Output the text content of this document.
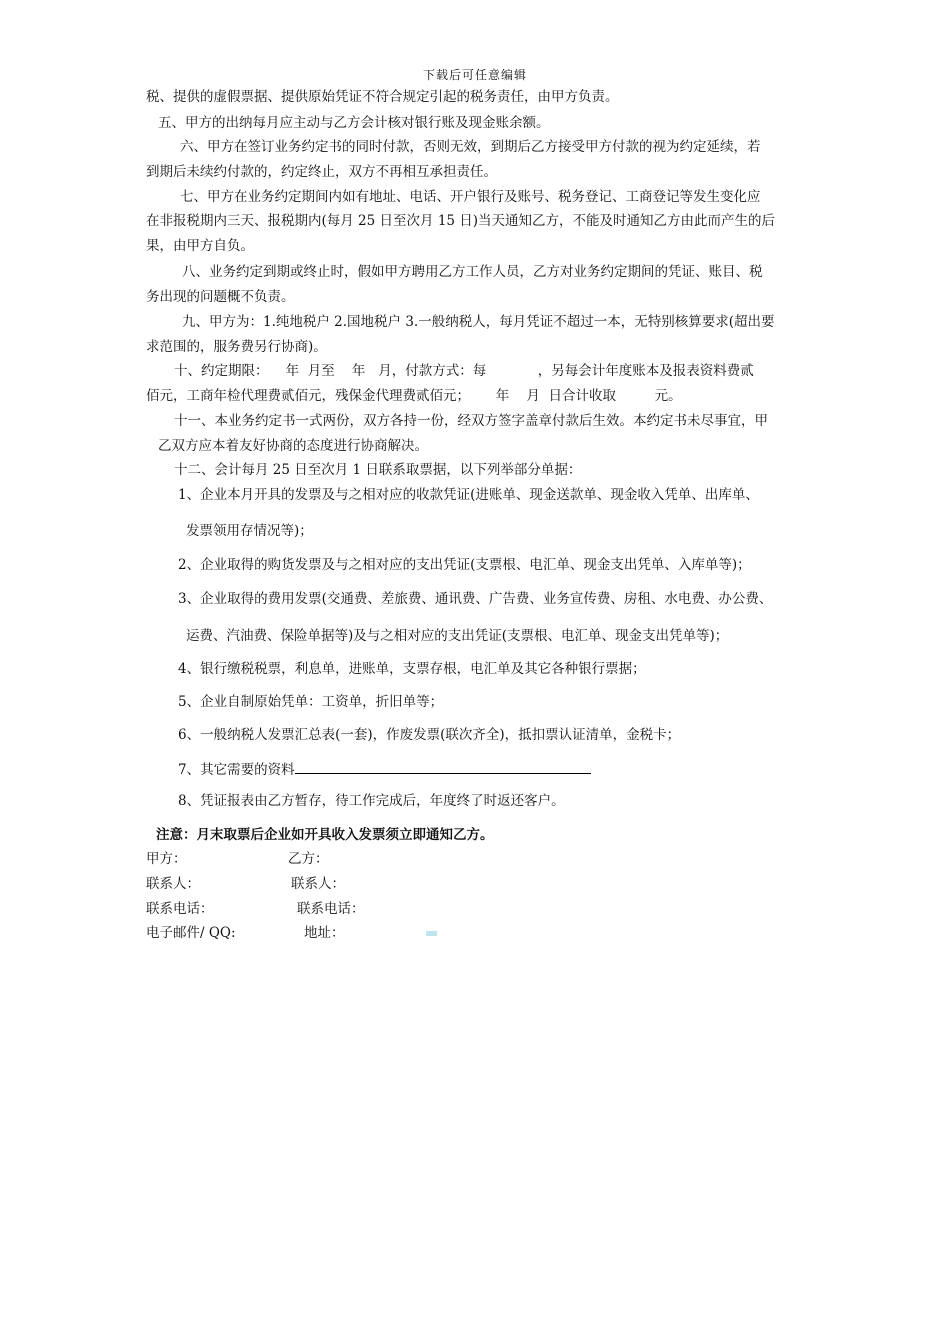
下载后可任意编辑
税、提供的虚假票据、提供原始凭证不符合规定引起的税务责任，由甲方负责。
五、甲方的出纳每月应主动与乙方会计核对银行账及现金账余额。
六、甲方在签订业务约定书的同时付款，否则无效，到期后乙方接受甲方付款的视为约定延续，若
到期后未续约付款的，约定终止，双方不再相互承担责任。
七、甲方在业务约定期间内如有地址、电话、开户银行及账号、税务登记、工商登记等发生变化应
在非报税期内三天、报税期内(每月 25 日至次月 15 日)当天通知乙方，不能及时通知乙方由此而产生的后
果，由甲方自负。
八、业务约定到期或终止时，假如甲方聘用乙方工作人员，乙方对业务约定期间的凭证、账目、税
务出现的问题概不负责。
九、甲方为：1.纯地税户 2.国地税户 3.一般纳税人，每月凭证不超过一本，无特别核算要求(超出要
求范围的，服务费另行协商)。
十、约定期限：    年  月至    年   月，付款方式：每            ，另每会计年度账本及报表资料费贰
佰元，工商年检代理费贰佰元，残保金代理费贰佰元；      年    月  日合计收取         元。
十一、本业务约定书一式两份，双方各持一份，经双方签字盖章付款后生效。本约定书未尽事宜，甲
乙双方应本着友好协商的态度进行协商解决。
十二、会计每月 25 日至次月 1 日联系取票据，以下列举部分单据：
1、企业本月开具的发票及与之相对应的收款凭证(进账单、现金送款单、现金收入凭单、出库单、
发票领用存情况等)；
2、企业取得的购货发票及与之相对应的支出凭证(支票根、电汇单、现金支出凭单、入库单等)；
3、企业取得的费用发票(交通费、差旅费、通讯费、广告费、业务宣传费、房租、水电费、办公费、
运费、汽油费、保险单据等)及与之相对应的支出凭证(支票根、电汇单、现金支出凭单等)；
4、银行缴税税票，利息单，进账单，支票存根，电汇单及其它各种银行票据；
5、企业自制原始凭单：工资单，折旧单等；
6、一般纳税人发票汇总表(一套)，作废发票(联次齐全)，抵扣票认证清单，金税卡；
7、其它需要的资料
8、凭证报表由乙方暂存，待工作完成后，年度终了时返还客户。
注意：月末取票后企业如开具收入发票须立即通知乙方。
甲方：	乙方：
联系人：	联系人：
联系电话：	联系电话：
电子邮件/ QQ:	地址：
